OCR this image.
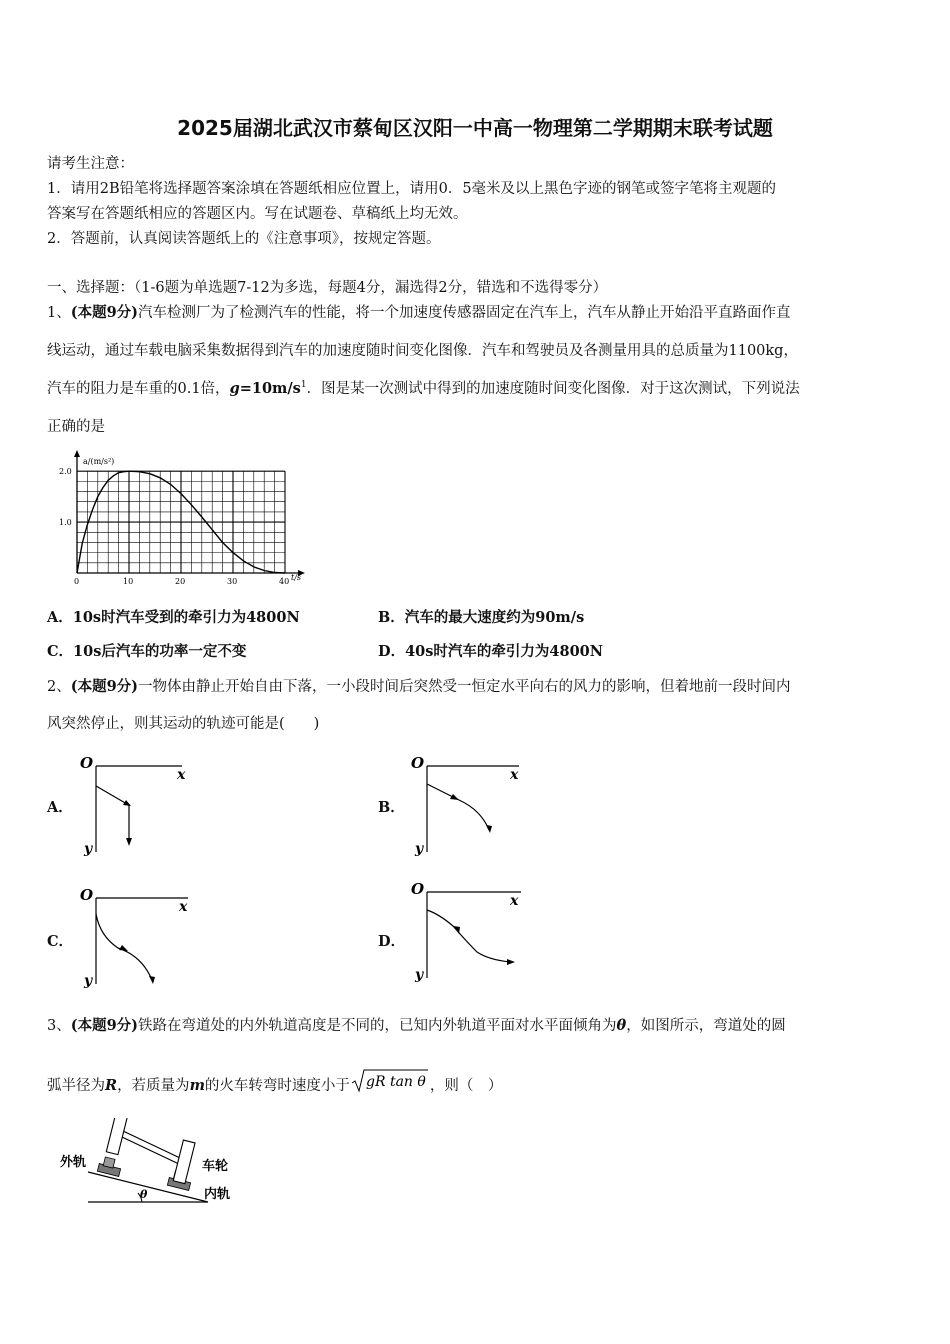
2025届湖北武汉市蔡甸区汉阳一中高一物理第二学期期末联考试题
请考生注意：
1．请用2B铅笔将选择题答案涂填在答题纸相应位置上，请用0．5毫米及以上黑色字迹的钢笔或签字笔将主观题的
答案写在答题纸相应的答题区内。写在试题卷、草稿纸上均无效。
2．答题前，认真阅读答题纸上的《注意事项》，按规定答题。
一、选择题：（1-6题为单选题7-12为多选，每题4分，漏选得2分，错选和不选得零分）
1、(本题9分)汽车检测厂为了检测汽车的性能，将一个加速度传感器固定在汽车上，汽车从静止开始沿平直路面作直
线运动，通过车载电脑采集数据得到汽车的加速度随时间变化图像．汽车和驾驶员及各测量用具的总质量为1100kg，
汽车的阻力是车重的0.1倍，$g=10m/s^1$．图是某一次测试中得到的加速度随时间变化图像．对于这次测试，下列说法
正确的是
0	10	20	30	40
1.0
2.0
a/(m/s²)
t/s
A．10s时汽车受到的牵引力为4800N	B．汽车的最大速度约为90m/s
C．10s后汽车的功率一定不变	D．40s时汽车的牵引力为4800N
2、(本题9分)一物体由静止开始自由下落，一小段时间后突然受一恒定水平向右的风力的影响，但着地前一段时间内
风突然停止，则其运动的轨迹可能是(　　)
A．
O
x
y
B．
O
x
y
C．
O
x
y
D．
O
x
y
3、(本题9分)铁路在弯道处的内外轨道高度是不同的，已知内外轨道平面对水平面倾角为θ，如图所示，弯道处的圆
弧半径为R，若质量为m的火车转弯时速度小于 gR tan θ ，则（　）
θ
外轨	车轮
内轨
